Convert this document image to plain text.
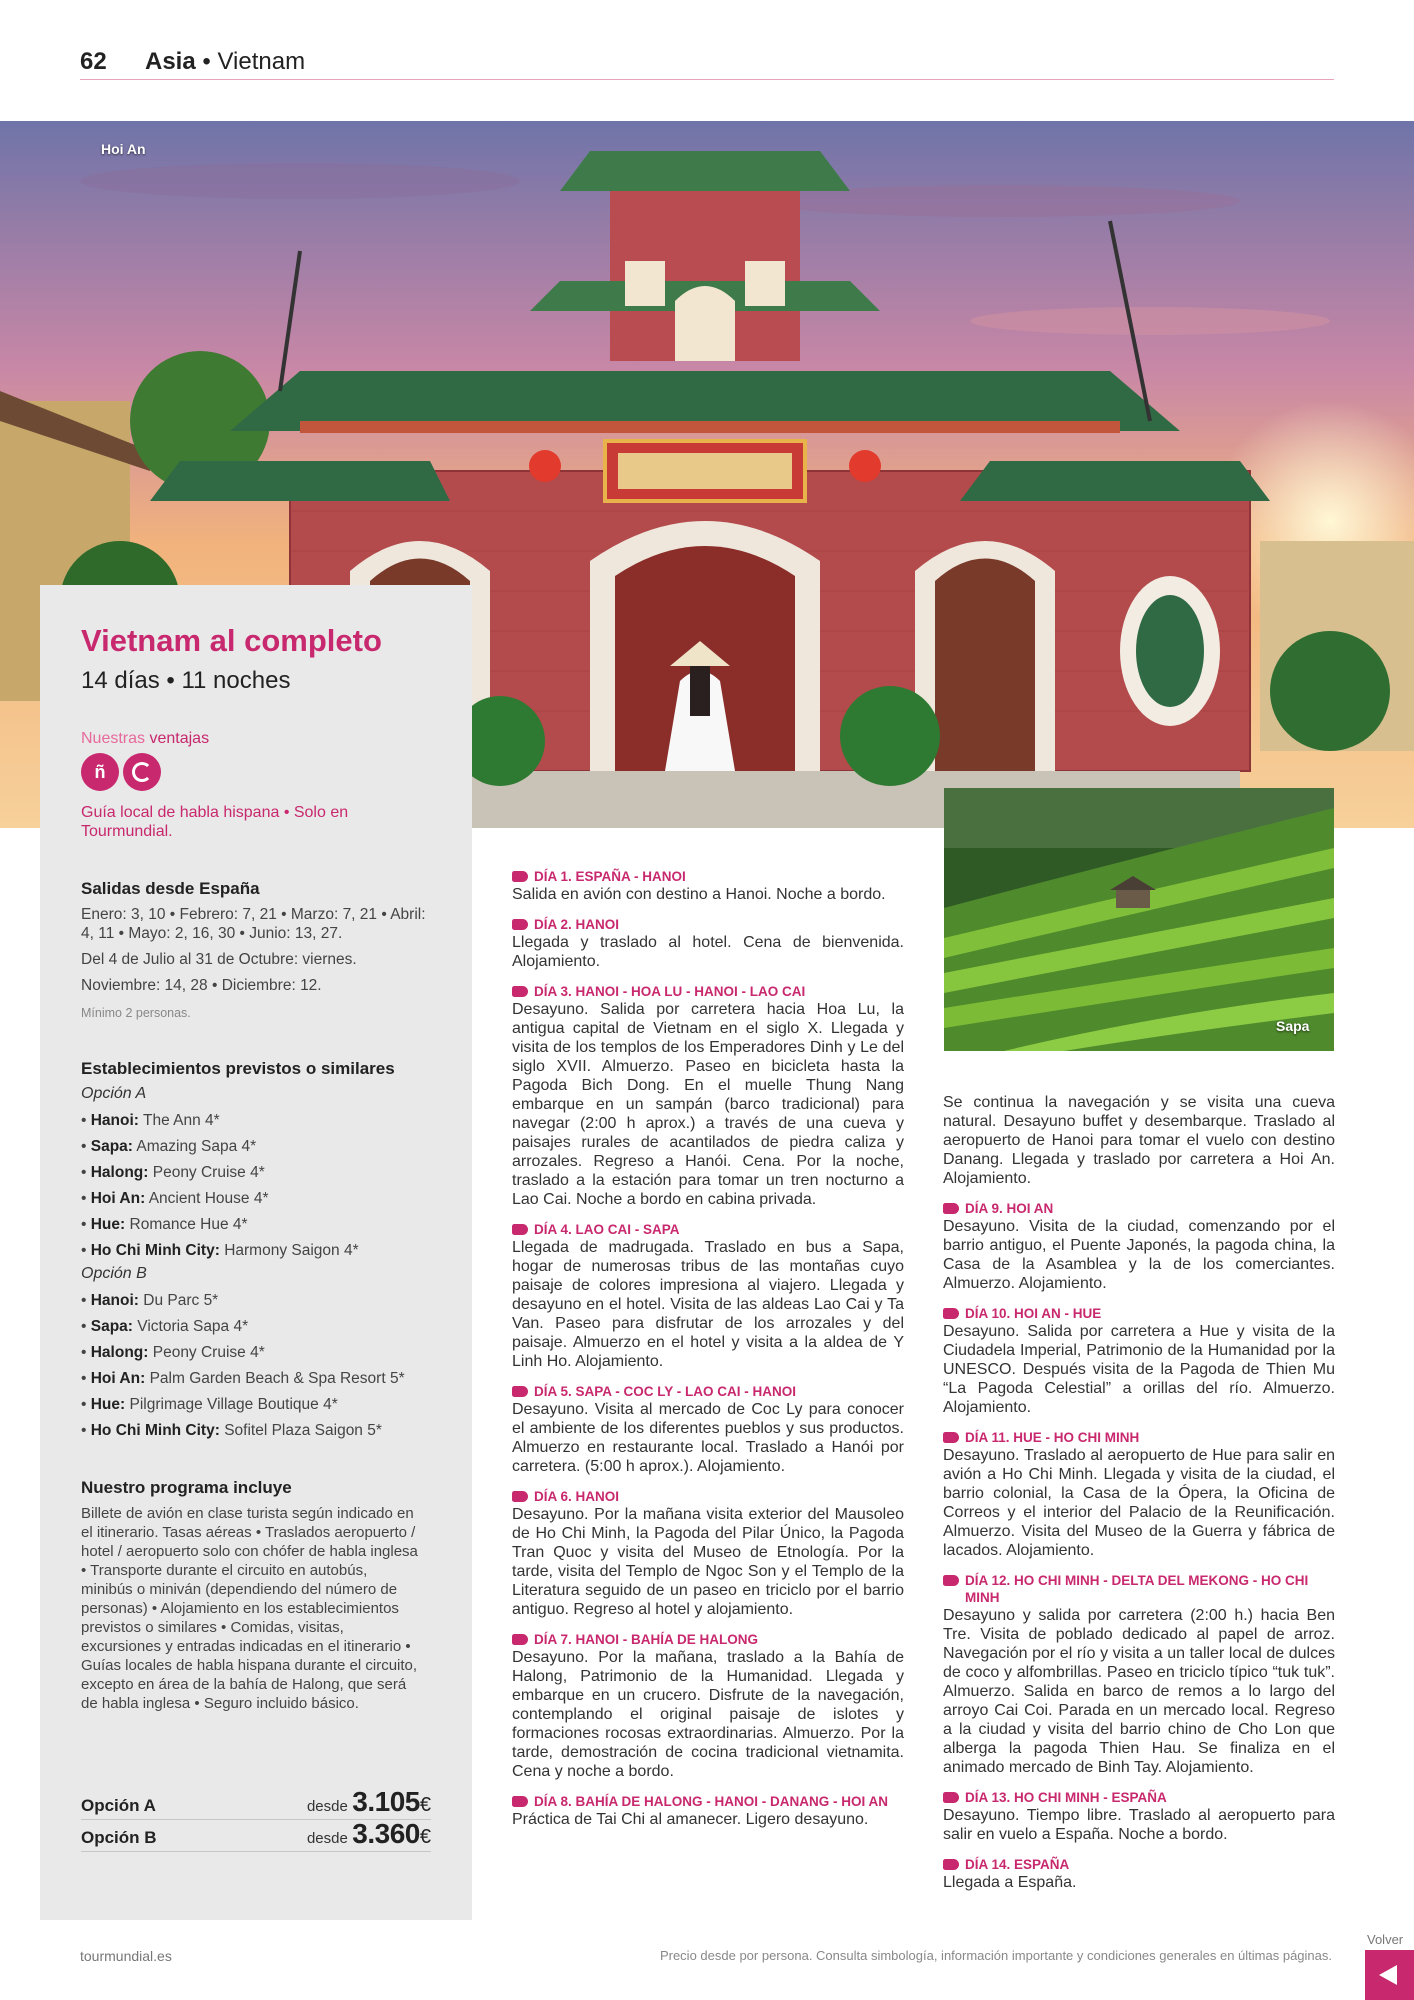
62 Asia • Vietnam
Hoi An
Vietnam al completo
14 días • 11 noches
Nuestras ventajas
ñ
Guía local de habla hispana • Solo en Tourmundial.
Salidas desde España
Enero: 3, 10 • Febrero: 7, 21 • Marzo: 7, 21 • Abril: 4, 11 • Mayo: 2, 16, 30 • Junio: 13, 27.
Del 4 de Julio al 31 de Octubre: viernes.
Noviembre: 14, 28 • Diciembre: 12.
Mínimo 2 personas.
Establecimientos previstos o similares
Opción A
• Hanoi: The Ann 4*
• Sapa: Amazing Sapa 4*
• Halong: Peony Cruise 4*
• Hoi An: Ancient House 4*
• Hue: Romance Hue 4*
• Ho Chi Minh City: Harmony Saigon 4*
Opción B
• Hanoi: Du Parc 5*
• Sapa: Victoria Sapa 4*
• Halong: Peony Cruise 4*
• Hoi An: Palm Garden Beach & Spa Resort 5*
• Hue: Pilgrimage Village Boutique 4*
• Ho Chi Minh City: Sofitel Plaza Saigon 5*
Nuestro programa incluye
Billete de avión en clase turista según indicado en el itinerario. Tasas aéreas • Traslados aeropuerto / hotel / aeropuerto solo con chófer de habla inglesa • Transporte durante el circuito en autobús, minibús o miniván (dependiendo del número de personas) • Alojamiento en los establecimientos previstos o similares • Comidas, visitas, excursiones y entradas indicadas en el itinerario • Guías locales de habla hispana durante el circuito, excepto en área de la bahía de Halong, que será de habla inglesa • Seguro incluido básico.
Opción A	desde 3.105€
Opción B	desde 3.360€
DÍA 1. ESPAÑA - HANOI
Salida en avión con destino a Hanoi. Noche a bordo.
DÍA 2. HANOI
Llegada y traslado al hotel. Cena de bienvenida. Alojamiento.
DÍA 3. HANOI - HOA LU - HANOI - LAO CAI
Desayuno. Salida por carretera hacia Hoa Lu, la antigua capital de Vietnam en el siglo X. Llegada y visita de los templos de los Emperadores Dinh y Le del siglo XVII. Almuerzo. Paseo en bicicleta hasta la Pagoda Bich Dong. En el muelle Thung Nang embarque en un sampán (barco tradicional) para navegar (2:00 h aprox.) a través de una cueva y paisajes rurales de acantilados de piedra caliza y arrozales. Regreso a Hanói. Cena. Por la noche, traslado a la estación para tomar un tren nocturno a Lao Cai. Noche a bordo en cabina privada.
DÍA 4. LAO CAI - SAPA
Llegada de madrugada. Traslado en bus a Sapa, hogar de numerosas tribus de las montañas cuyo paisaje de colores impresiona al viajero. Llegada y desayuno en el hotel. Visita de las aldeas Lao Cai y Ta Van. Paseo para disfrutar de los arrozales y del paisaje. Almuerzo en el hotel y visita a la aldea de Y Linh Ho. Alojamiento.
DÍA 5. SAPA - COC LY - LAO CAI - HANOI
Desayuno. Visita al mercado de Coc Ly para conocer el ambiente de los diferentes pueblos y sus productos. Almuerzo en restaurante local. Traslado a Hanói por carretera. (5:00 h aprox.). Alojamiento.
DÍA 6. HANOI
Desayuno. Por la mañana visita exterior del Mausoleo de Ho Chi Minh, la Pagoda del Pilar Único, la Pagoda Tran Quoc y visita del Museo de Etnología. Por la tarde, visita del Templo de Ngoc Son y el Templo de la Literatura seguido de un paseo en triciclo por el barrio antiguo. Regreso al hotel y alojamiento.
DÍA 7. HANOI - BAHÍA DE HALONG
Desayuno. Por la mañana, traslado a la Bahía de Halong, Patrimonio de la Humanidad. Llegada y embarque en un crucero. Disfrute de la navegación, contemplando el original paisaje de islotes y formaciones rocosas extraordinarias. Almuerzo. Por la tarde, demostración de cocina tradicional vietnamita. Cena y noche a bordo.
DÍA 8. BAHÍA DE HALONG - HANOI - DANANG - HOI AN
Práctica de Tai Chi al amanecer. Ligero desayuno.
Sapa
Se continua la navegación y se visita una cueva natural. Desayuno buffet y desembarque. Traslado al aeropuerto de Hanoi para tomar el vuelo con destino Danang. Llegada y traslado por carretera a Hoi An. Alojamiento.
DÍA 9. HOI AN
Desayuno. Visita de la ciudad, comenzando por el barrio antiguo, el Puente Japonés, la pagoda china, la Casa de la Asamblea y la de los comerciantes. Almuerzo. Alojamiento.
DÍA 10. HOI AN - HUE
Desayuno. Salida por carretera a Hue y visita de la Ciudadela Imperial, Patrimonio de la Humanidad por la UNESCO. Después visita de la Pagoda de Thien Mu “La Pagoda Celestial” a orillas del río. Almuerzo. Alojamiento.
DÍA 11. HUE - HO CHI MINH
Desayuno. Traslado al aeropuerto de Hue para salir en avión a Ho Chi Minh. Llegada y visita de la ciudad, el barrio colonial, la Casa de la Ópera, la Oficina de Correos y el interior del Palacio de la Reunificación. Almuerzo. Visita del Museo de la Guerra y fábrica de lacados. Alojamiento.
DÍA 12. HO CHI MINH - DELTA DEL MEKONG - HO CHI MINH
Desayuno y salida por carretera (2:00 h.) hacia Ben Tre. Visita de poblado dedicado al papel de arroz. Navegación por el río y visita a un taller local de dulces de coco y alfombrillas. Paseo en triciclo típico “tuk tuk”. Almuerzo. Salida en barco de remos a lo largo del arroyo Cai Coi. Parada en un mercado local. Regreso a la ciudad y visita del barrio chino de Cho Lon que alberga la pagoda Thien Hau. Se finaliza en el animado mercado de Binh Tay. Alojamiento.
DÍA 13. HO CHI MINH - ESPAÑA
Desayuno. Tiempo libre. Traslado al aeropuerto para salir en vuelo a España. Noche a bordo.
DÍA 14. ESPAÑA
Llegada a España.
tourmundial.es	Precio desde por persona. Consulta simbología, información importante y condiciones generales en últimas páginas.
Volver
